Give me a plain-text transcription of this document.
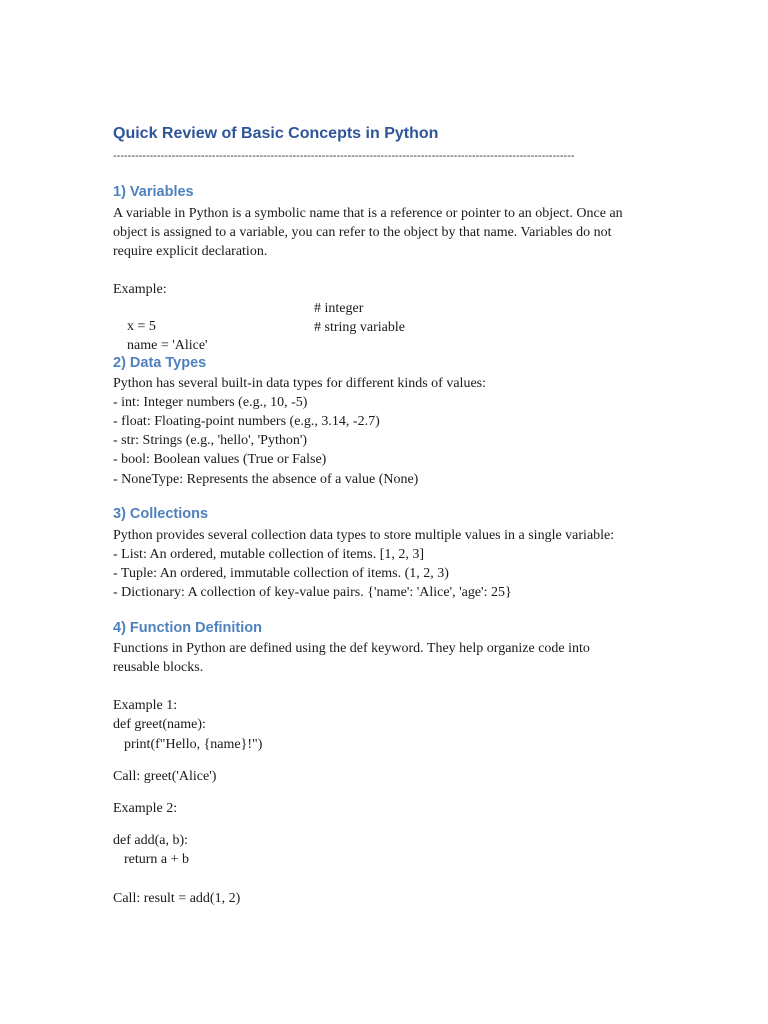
Quick Review of Basic Concepts in Python
------------------------------------------------------------------------------------------------------------------------------
1) Variables

A variable in Python is a symbolic name that is a reference or pointer to an object. Once an

object is assigned to a variable, you can refer to the object by that name. Variables do not

require explicit declaration.

Example:

x = 5

# integer

name = 'Alice'

# string variable

2) Data Types

Python has several built-in data types for different kinds of values:

- int: Integer numbers (e.g., 10, -5)

- float: Floating-point numbers (e.g., 3.14, -2.7)

- str: Strings (e.g., 'hello', 'Python')

- bool: Boolean values (True or False)

- NoneType: Represents the absence of a value (None)

3) Collections

Python provides several collection data types to store multiple values in a single variable:

- List: An ordered, mutable collection of items. [1, 2, 3]

- Tuple: An ordered, immutable collection of items. (1, 2, 3)

- Dictionary: A collection of key-value pairs. {'name': 'Alice', 'age': 25}

4) Function Definition

Functions in Python are defined using the def keyword. They help organize code into

reusable blocks.

Example 1:

def greet(name):

print(f"Hello, {name}!")

Call: greet('Alice')

Example 2:

def add(a, b):

return a + b

Call: result = add(1, 2)
